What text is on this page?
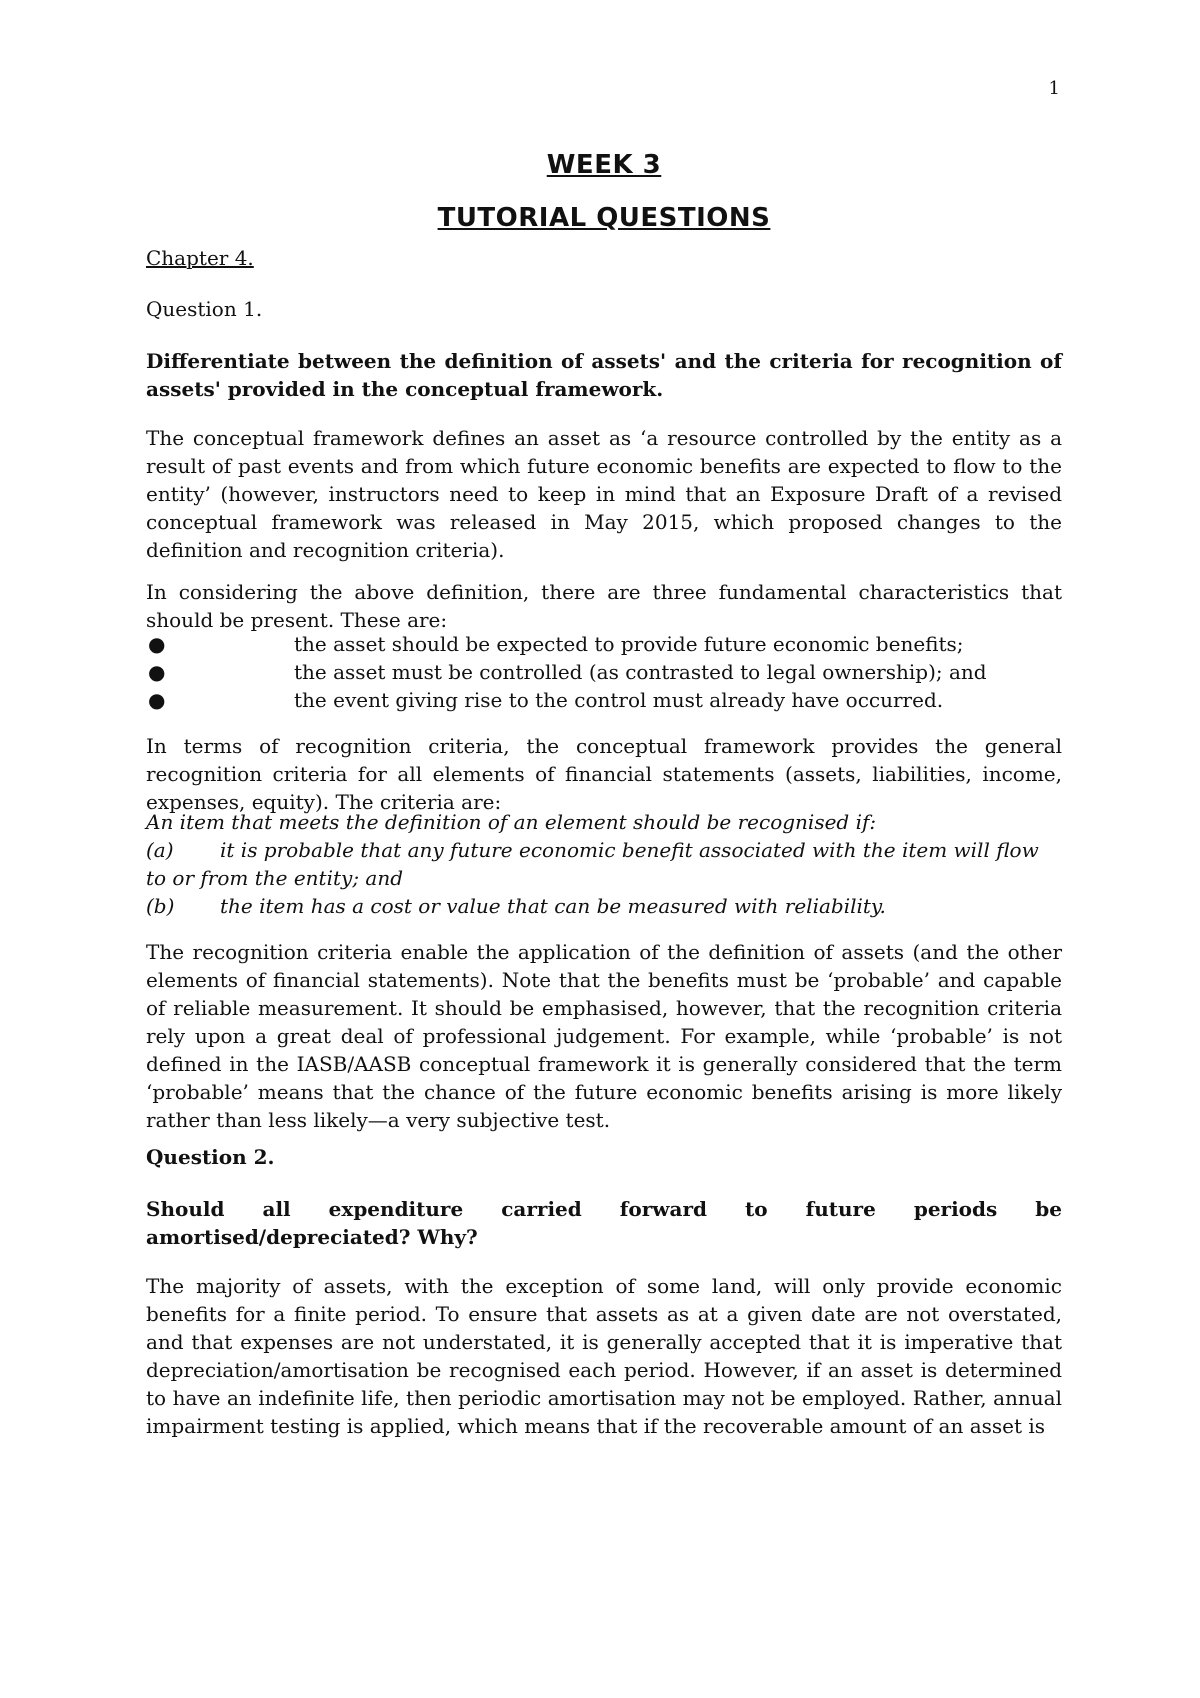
1
WEEK 3
TUTORIAL QUESTIONS
Chapter 4.
Question 1.

Differentiate between the definition of assets' and the criteria for recognition of assets' provided in the conceptual framework.

The conceptual framework defines an asset as ‘a resource controlled by the entity as a result of past events and from which future economic benefits are expected to flow to the entity’ (however, instructors need to keep in mind that an Exposure Draft of a revised conceptual framework was released in May 2015, which proposed changes to the definition and recognition criteria).

In considering the above definition, there are three fundamental characteristics that should be present. These are:

●	the asset should be expected to provide future economic benefits;
●	the asset must be controlled (as contrasted to legal ownership); and
●	the event giving rise to the control must already have occurred.

In terms of recognition criteria, the conceptual framework provides the general recognition criteria for all elements of financial statements (assets, liabilities, income, expenses, equity). The criteria are:

An item that meets the definition of an element should be recognised if:
(a) it is probable that any future economic benefit associated with the item will flow to or from the entity; and
(b) the item has a cost or value that can be measured with reliability.

The recognition criteria enable the application of the definition of assets (and the other elements of financial statements). Note that the benefits must be ‘probable’ and capable of reliable measurement. It should be emphasised, however, that the recognition criteria rely upon a great deal of professional judgement. For example, while ‘probable’ is not defined in the IASB/AASB conceptual framework it is generally considered that the term ‘probable’ means that the chance of the future economic benefits arising is more likely rather than less likely—a very subjective test.

Question 2.

Should all expenditure carried forward to future periods be amortised/depreciated? Why?

The majority of assets, with the exception of some land, will only provide economic benefits for a finite period. To ensure that assets as at a given date are not overstated, and that expenses are not understated, it is generally accepted that it is imperative that depreciation/amortisation be recognised each period. However, if an asset is determined to have an indefinite life, then periodic amortisation may not be employed. Rather, annual impairment testing is applied, which means that if the recoverable amount of an asset is
